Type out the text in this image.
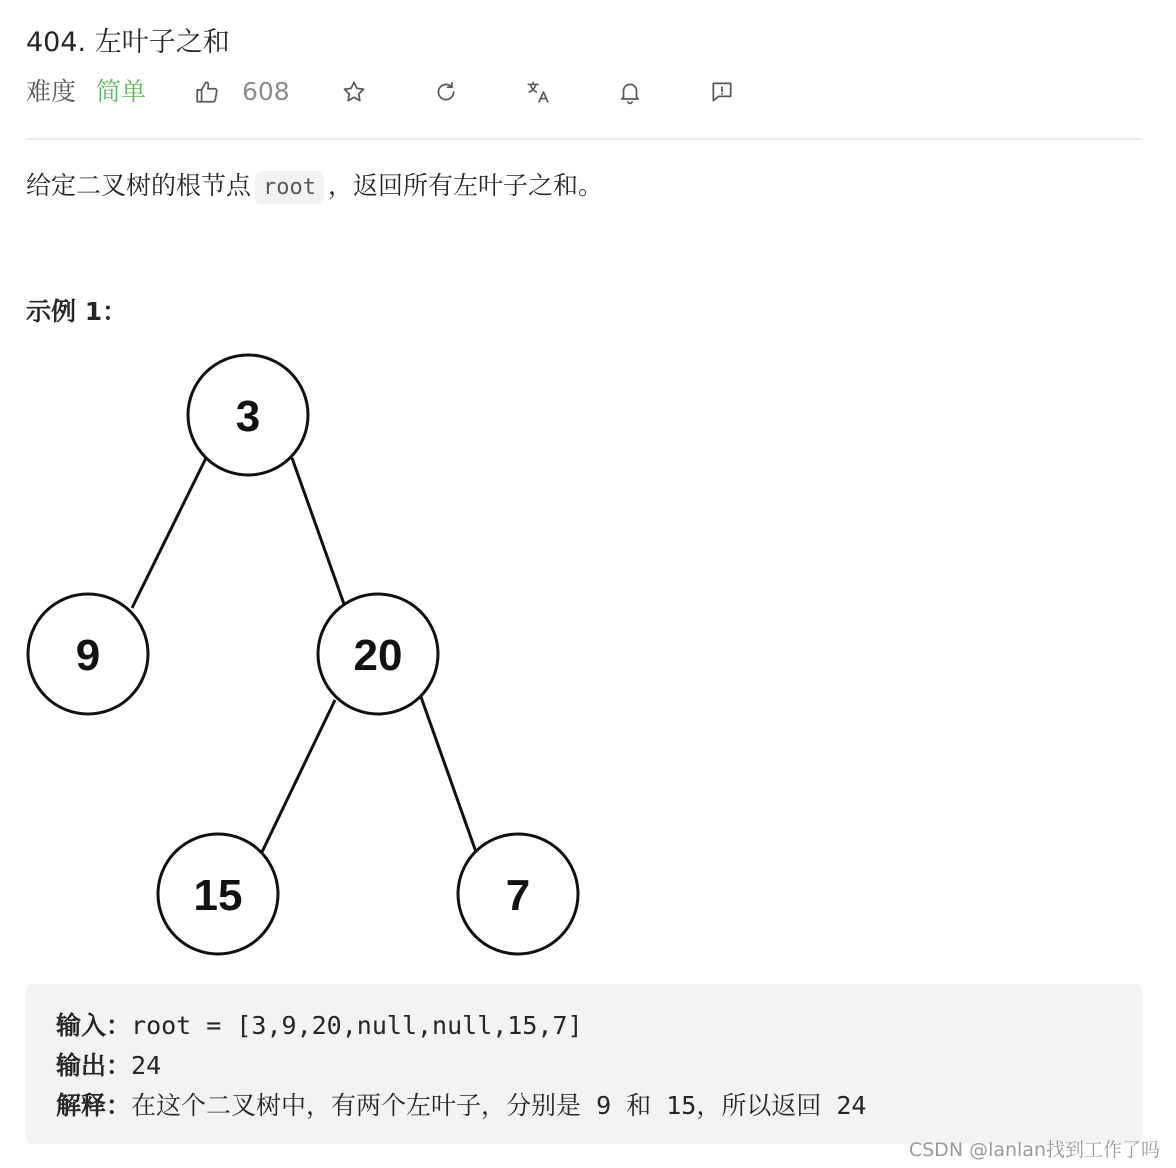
404. 左叶子之和
难度 简单	608
给定二叉树的根节点 root ，返回所有左叶子之和。
示例 1：
3
9	20
15	7
输入：root = [3,9,20,null,null,15,7]
输出：24
解释：在这个二叉树中，有两个左叶子，分别是 9 和 15，所以返回 24
CSDN @lanlan找到工作了吗
